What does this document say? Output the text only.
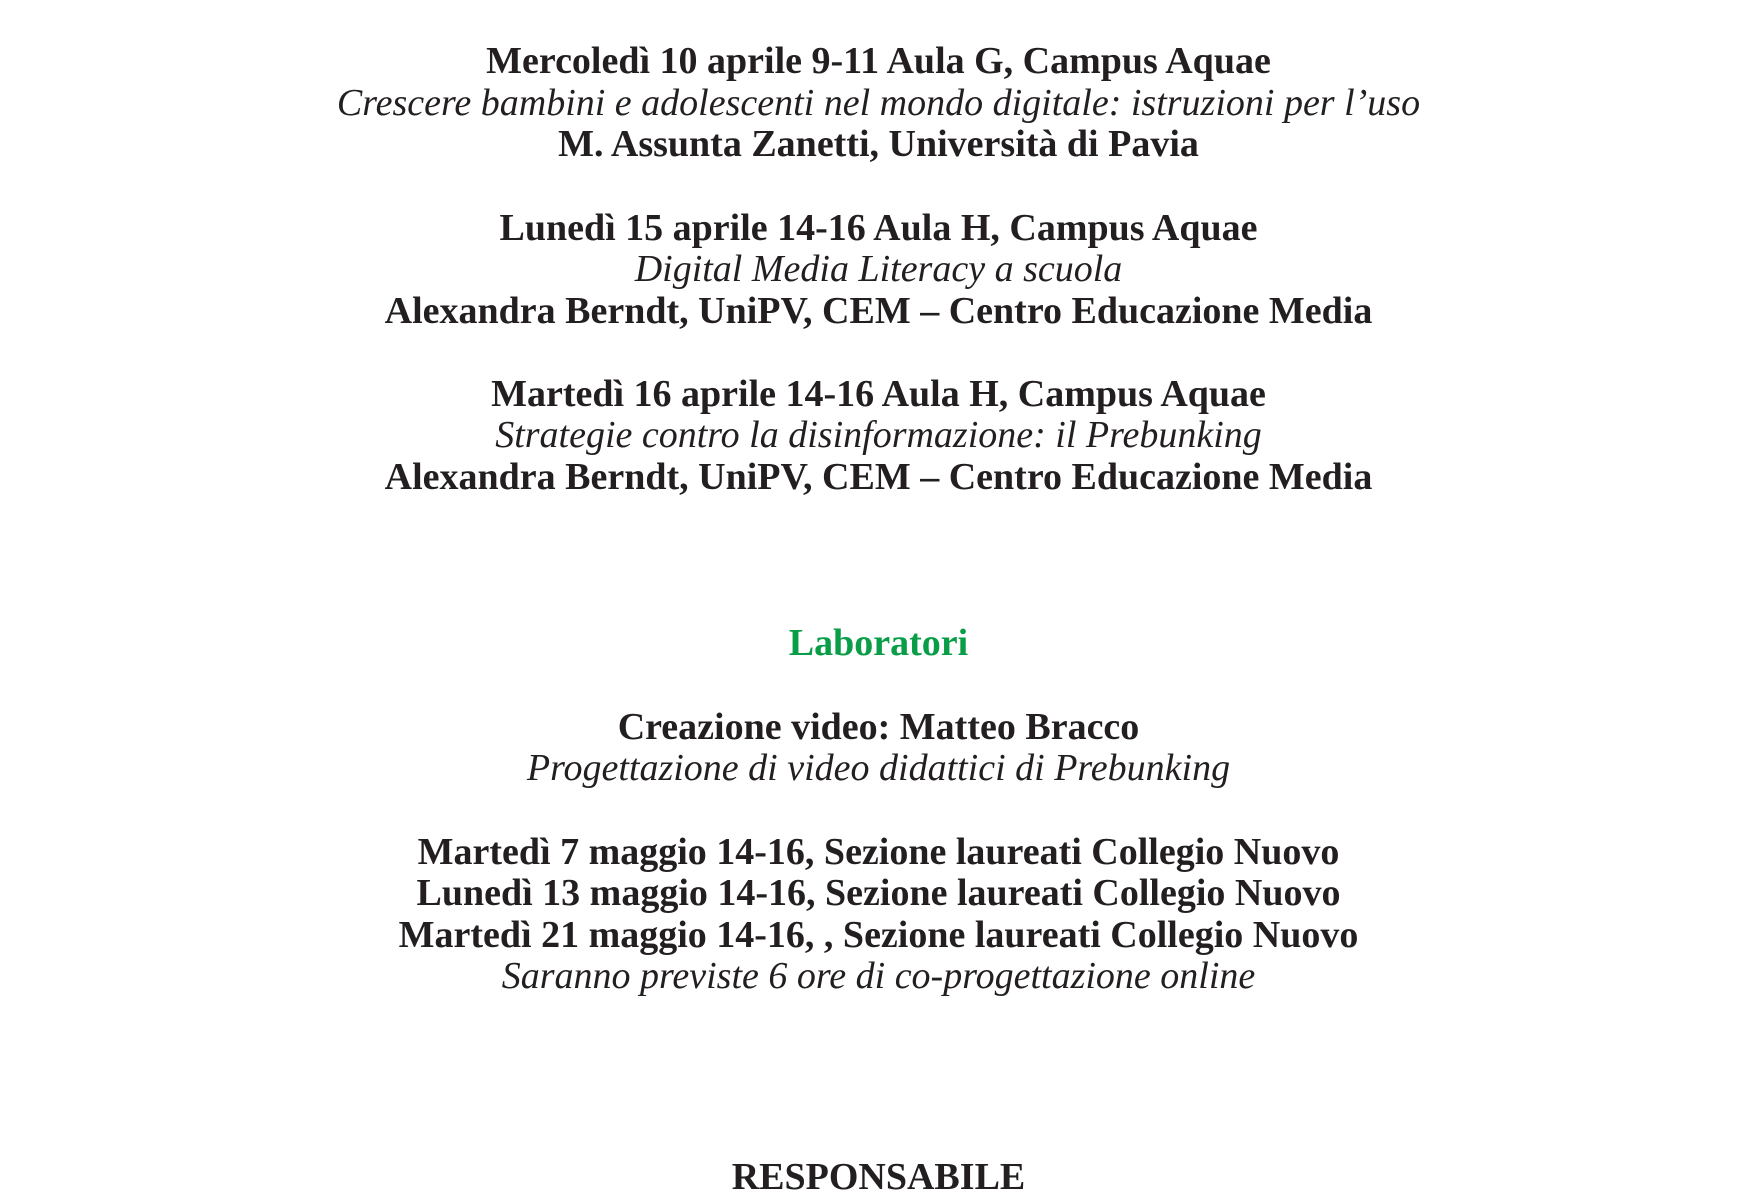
Mercoledì 10 aprile 9-11 Aula G, Campus Aquae
Crescere bambini e adolescenti nel mondo digitale: istruzioni per l’uso
M. Assunta Zanetti, Università di Pavia
Lunedì 15 aprile 14-16 Aula H, Campus Aquae
Digital Media Literacy a scuola
Alexandra Berndt, UniPV, CEM – Centro Educazione Media
Martedì 16 aprile 14-16 Aula H, Campus Aquae
Strategie contro la disinformazione: il Prebunking
Alexandra Berndt, UniPV, CEM – Centro Educazione Media
Laboratori
Creazione video: Matteo Bracco
Progettazione di video didattici di Prebunking
Martedì 7 maggio 14-16, Sezione laureati Collegio Nuovo
Lunedì 13 maggio 14-16, Sezione laureati Collegio Nuovo
Martedì 21 maggio 14-16, , Sezione laureati Collegio Nuovo
Saranno previste 6 ore di co-progettazione online
RESPONSABILE
